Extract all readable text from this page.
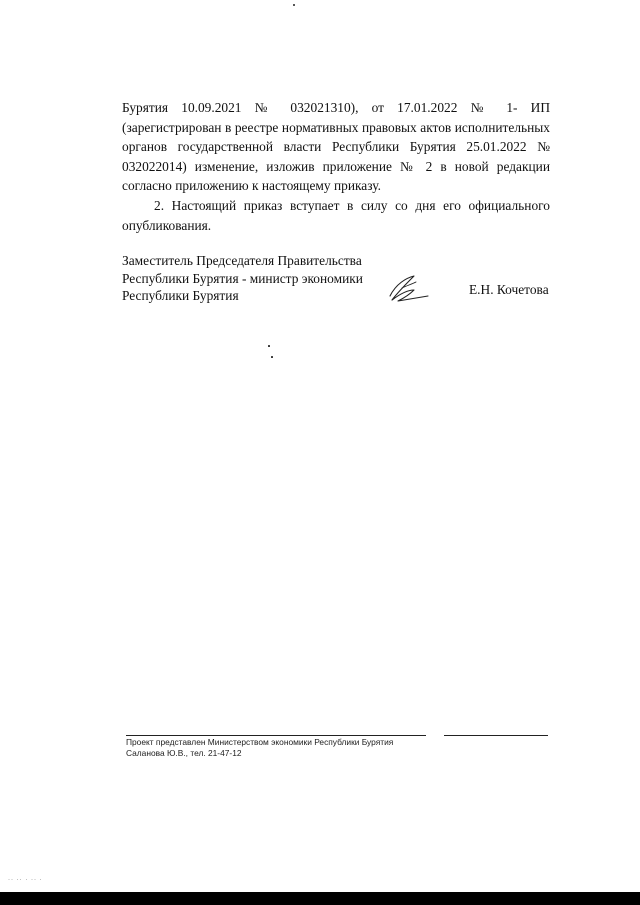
Бурятия 10.09.2021 № 032021310), от 17.01.2022 № 1- ИП (зарегистрирован в реестре нормативных правовых актов исполнительных органов государственной власти Республики Бурятия 25.01.2022 № 032022014) изменение, изложив приложение № 2 в новой редакции согласно приложению к настоящему приказу.

2. Настоящий приказ вступает в силу со дня его официального опубликования.

Заместитель Председателя Правительства
Республики Бурятия - министр экономики
Республики Бурятия	Е.Н. Кочетова
Проект представлен Министерством экономики Республики Бурятия
Саланова Ю.В., тел. 21-47-12
·· ·· · ·· ·
